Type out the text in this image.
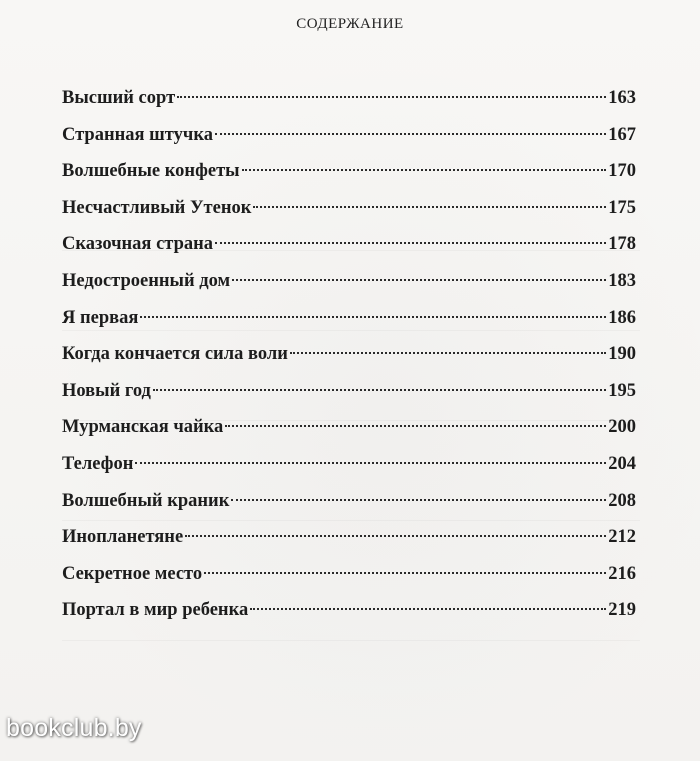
СОДЕРЖАНИЕ
Высший сорт	163
Странная штучка	167
Волшебные конфеты	170
Несчастливый Утенок	175
Сказочная страна	178
Недостроенный дом	183
Я первая	186
Когда кончается сила воли	190
Новый год	195
Мурманская чайка	200
Телефон	204
Волшебный краник	208
Инопланетяне	212
Секретное место	216
Портал в мир ребенка	219
bookclub.by
